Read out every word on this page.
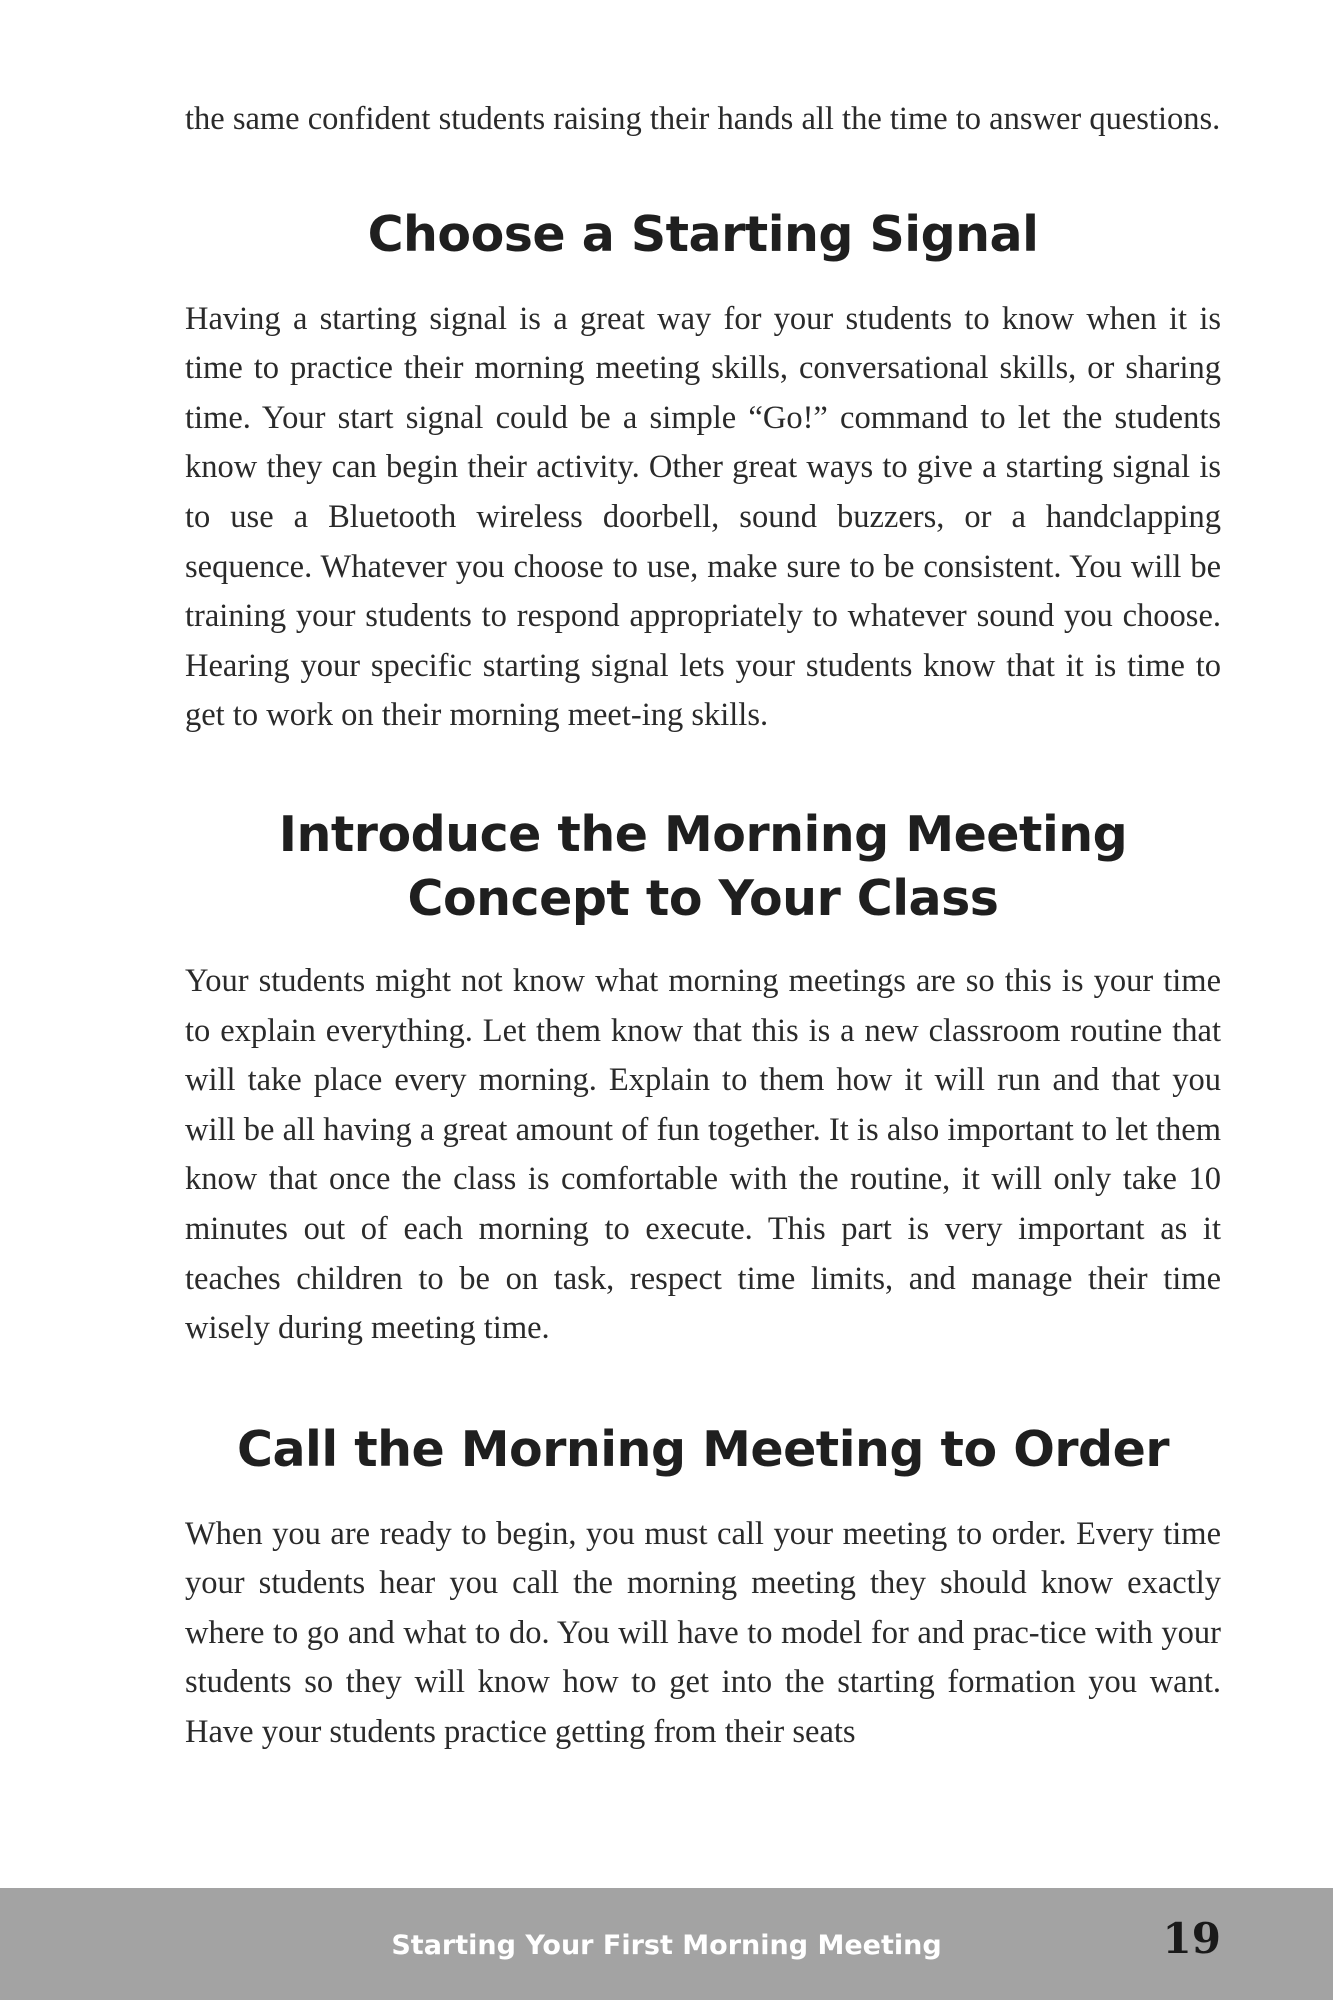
the same confident students raising their hands all the time to answer questions.

Choose a Starting Signal

Having a starting signal is a great way for your students to know when it is time to practice their morning meeting skills, conversational skills, or sharing time. Your start signal could be a simple “Go!” command to let the students know they can begin their activity. Other great ways to give a starting signal is to use a Bluetooth wireless doorbell, sound buzzers, or a handclapping sequence. Whatever you choose to use, make sure to be consistent. You will be training your students to respond appropriately to whatever sound you choose. Hearing your specific starting signal lets your students know that it is time to get to work on their morning meet-ing skills.

Introduce the Morning Meeting
Concept to Your Class

Your students might not know what morning meetings are so this is your time to explain everything. Let them know that this is a new classroom routine that will take place every morning. Explain to them how it will run and that you will be all having a great amount of fun together. It is also important to let them know that once the class is comfortable with the routine, it will only take 10 minutes out of each morning to execute. This part is very important as it teaches children to be on task, respect time limits, and manage their time wisely during meeting time.

Call the Morning Meeting to Order

When you are ready to begin, you must call your meeting to order. Every time your students hear you call the morning meeting they should know exactly where to go and what to do. You will have to model for and prac-tice with your students so they will know how to get into the starting formation you want. Have your students practice getting from their seats

Starting Your First Morning Meeting	19
